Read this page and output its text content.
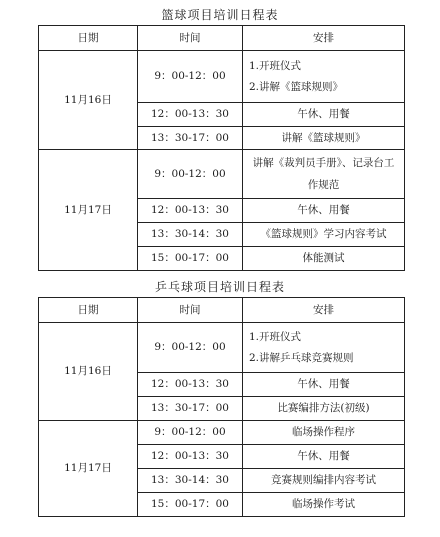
篮球项目培训日程表
日期	时间	安排
11月16日	9：00-12：00	1.开班仪式
2.讲解《篮球规则》

	12：00-13：30	午休、用餐
	13：30-17：00	讲解《篮球规则》
11月17日	9：00-12：00	讲解《裁判员手册》、记录台工作规范
	12：00-13：30	午休、用餐
	13：30-14：30	《篮球规则》学习内容考试
	15：00-17：00	体能测试
乒乓球项目培训日程表
日期	时间	安排
11月16日	9：00-12：00	1.开班仪式
2.讲解乒乓球竞赛规则

	12：00-13：30	午休、用餐
	13：30-17：00	比赛编排方法(初级)
11月17日	9：00-12：00	临场操作程序
	12：00-13：30	午休、用餐
	13：30-14：30	竞赛规则编排内容考试
	15：00-17：00	临场操作考试
